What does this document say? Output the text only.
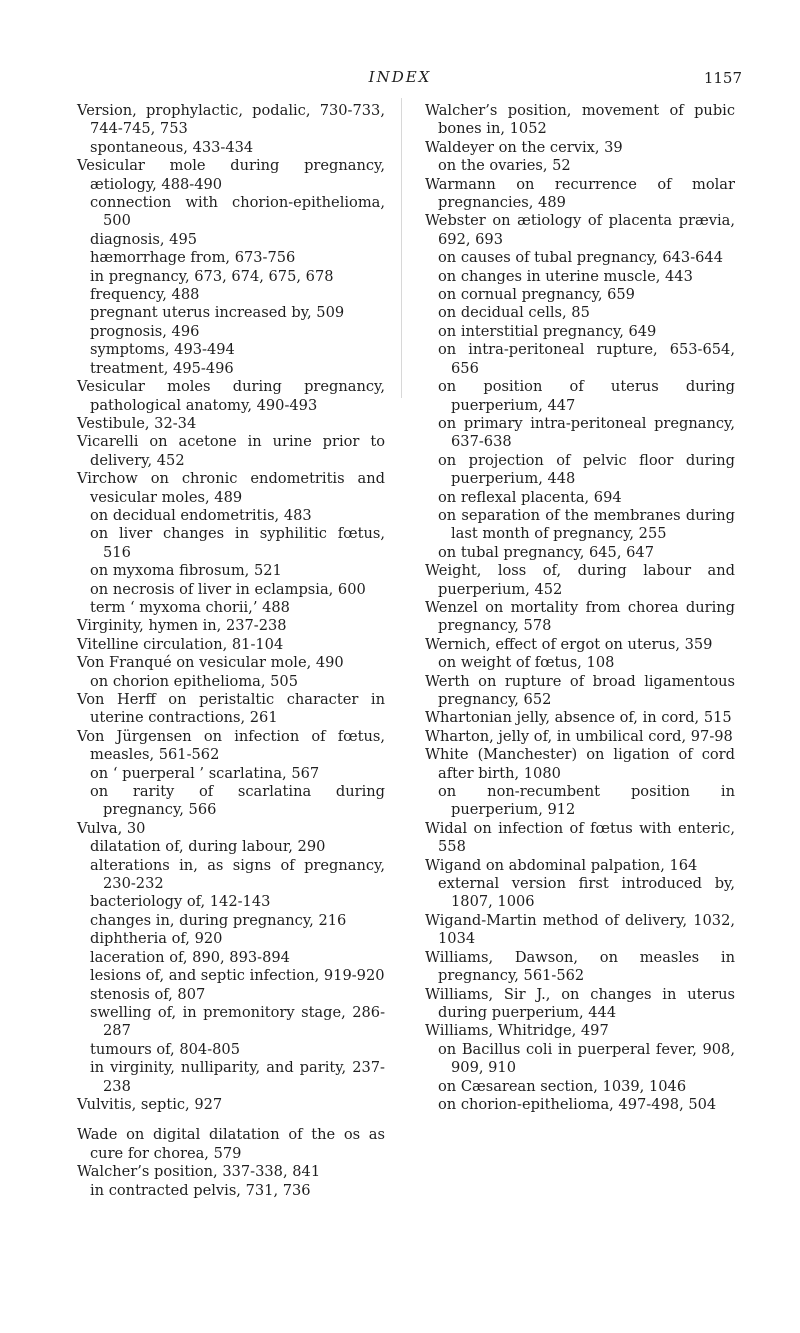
INDEX	1157
Version, prophylactic, podalic, 730-733, 744-745, 753
spontaneous, 433-434
Vesicular mole during pregnancy, ætiology, 488-490
connection with chorion-epithelioma, 500
diagnosis, 495
hæmorrhage from, 673-756
in pregnancy, 673, 674, 675, 678
frequency, 488
pregnant uterus increased by, 509
prognosis, 496
symptoms, 493-494
treatment, 495-496
Vesicular moles during pregnancy, pathological anatomy, 490-493
Vestibule, 32-34
Vicarelli on acetone in urine prior to delivery, 452
Virchow on chronic endometritis and vesicular moles, 489
on decidual endometritis, 483
on liver changes in syphilitic fœtus, 516
on myxoma fibrosum, 521
on necrosis of liver in eclampsia, 600
term ‘ myxoma chorii,’ 488
Virginity, hymen in, 237-238
Vitelline circulation, 81-104
Von Franqué on vesicular mole, 490
on chorion epithelioma, 505
Von Herff on peristaltic character in uterine contractions, 261
Von Jürgensen on infection of fœtus, measles, 561-562
on ‘ puerperal ’ scarlatina, 567
on rarity of scarlatina during pregnancy, 566
Vulva, 30
dilatation of, during labour, 290
alterations in, as signs of pregnancy, 230-232
bacteriology of, 142-143
changes in, during pregnancy, 216
diphtheria of, 920
laceration of, 890, 893-894
lesions of, and septic infection, 919-920
stenosis of, 807
swelling of, in premonitory stage, 286-287
tumours of, 804-805
in virginity, nulliparity, and parity, 237-238
Vulvitis, septic, 927
Wade on digital dilatation of the os as cure for chorea, 579
Walcher’s position, 337-338, 841
in contracted pelvis, 731, 736
Walcher’s position, movement of pubic bones in, 1052
Waldeyer on the cervix, 39
on the ovaries, 52
Warmann on recurrence of molar pregnancies, 489
Webster on ætiology of placenta prævia, 692, 693
on causes of tubal pregnancy, 643-644
on changes in uterine muscle, 443
on cornual pregnancy, 659
on decidual cells, 85
on interstitial pregnancy, 649
on intra-peritoneal rupture, 653-654, 656
on position of uterus during puerperium, 447
on primary intra-peritoneal pregnancy, 637-638
on projection of pelvic floor during puerperium, 448
on reflexal placenta, 694
on separation of the membranes during last month of pregnancy, 255
on tubal pregnancy, 645, 647
Weight, loss of, during labour and puerperium, 452
Wenzel on mortality from chorea during pregnancy, 578
Wernich, effect of ergot on uterus, 359
on weight of fœtus, 108
Werth on rupture of broad ligamentous pregnancy, 652
Whartonian jelly, absence of, in cord, 515
Wharton, jelly of, in umbilical cord, 97-98
White (Manchester) on ligation of cord after birth, 1080
on non-recumbent position in puerperium, 912
Widal on infection of fœtus with enteric, 558
Wigand on abdominal palpation, 164
external version first introduced by, 1807, 1006
Wigand-Martin method of delivery, 1032, 1034
Williams, Dawson, on measles in pregnancy, 561-562
Williams, Sir J., on changes in uterus during puerperium, 444
Williams, Whitridge, 497
on Bacillus coli in puerperal fever, 908, 909, 910
on Cæsarean section, 1039, 1046
on chorion-epithelioma, 497-498, 504
